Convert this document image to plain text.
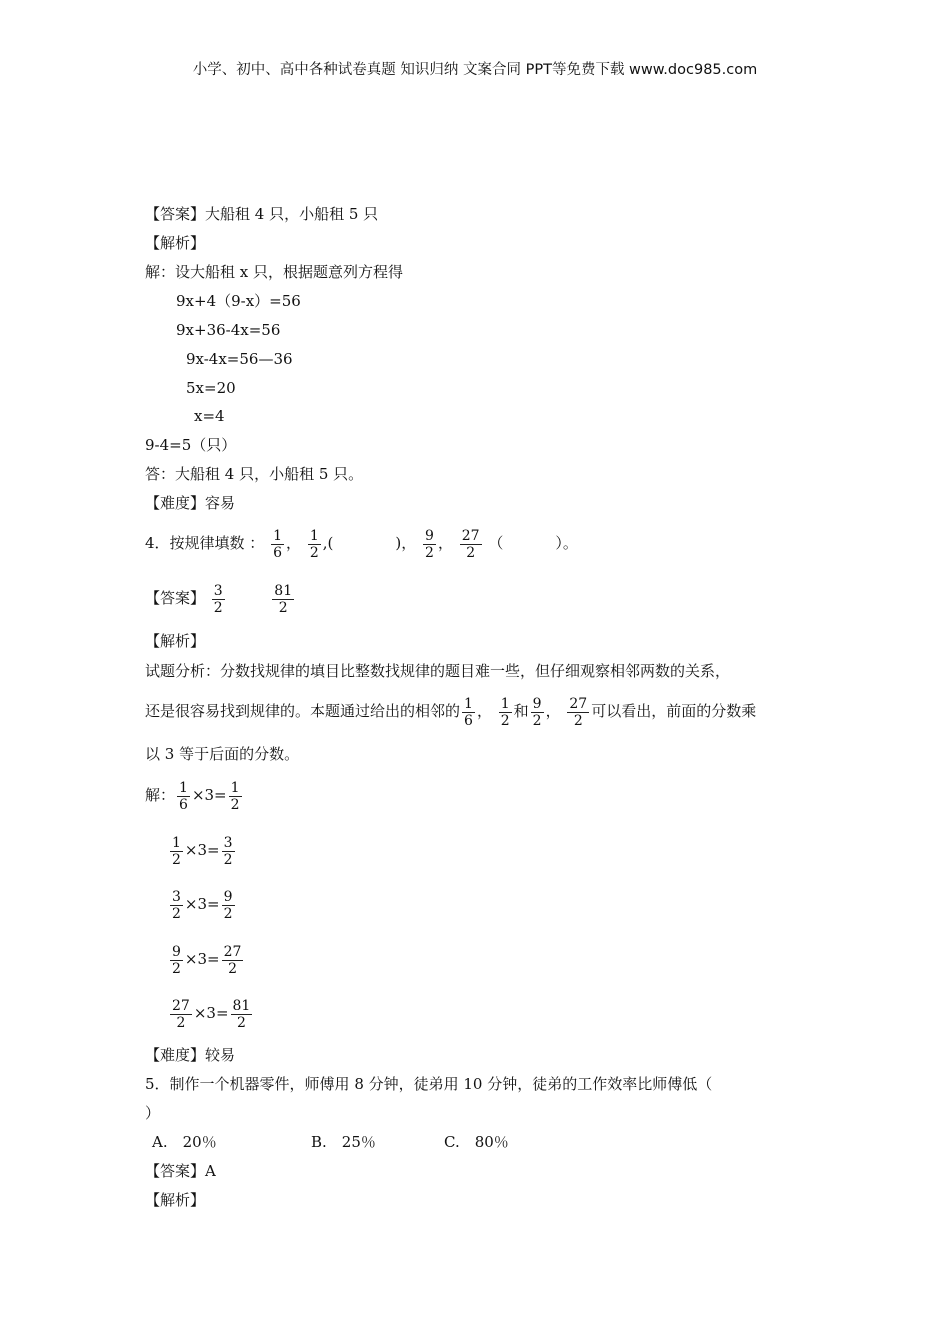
小学、初中、高中各种试卷真题 知识归纳 文案合同 PPT等免费下载 www.doc985.com
【答案】大船租 4 只，小船租 5 只
【解析】
解：设大船租 x 只，根据题意列方程得
9x+4（9-x）=56
9x+36-4x=56
9x-4x=56—36
5x=20
x=4
9-4=5（只）
答：大船租 4 只，小船租 5 只。
【难度】容易
4．按规律填数 ： $\frac{1}{6}$ ， $\frac{1}{2}$ ,(	)， $\frac{9}{2}$ ， $\frac{27}{2}$ （	）。
【答案】 $\frac{3}{2}$
	$\frac{81}{2}$
【解析】
试题分析：分数找规律的填目比整数找规律的题目难一些，但仔细观察相邻两数的关系，
还是很容易找到规律的。本题通过给出的相邻的 $\frac{1}{6}$ ， $\frac{1}{2}$ 和 $\frac{9}{2}$ ， $\frac{27}{2}$ 可以看出，前面的分数乘
以 3 等于后面的分数。
解： $\frac{1}{6} \times 3= \frac{1}{2}$
$\frac{1}{2} \times 3= \frac{3}{2}$
$\frac{3}{2} \times 3= \frac{9}{2}$
$\frac{9}{2} \times 3= \frac{27}{2}$
$\frac{27}{2} \times 3= \frac{81}{2}$
【难度】较易
5．制作一个机器零件，师傅用 8 分钟，徒弟用 10 分钟，徒弟的工作效率比师傅低（
）
A.　20％	B.　25％	C.　80％
【答案】A
【解析】
